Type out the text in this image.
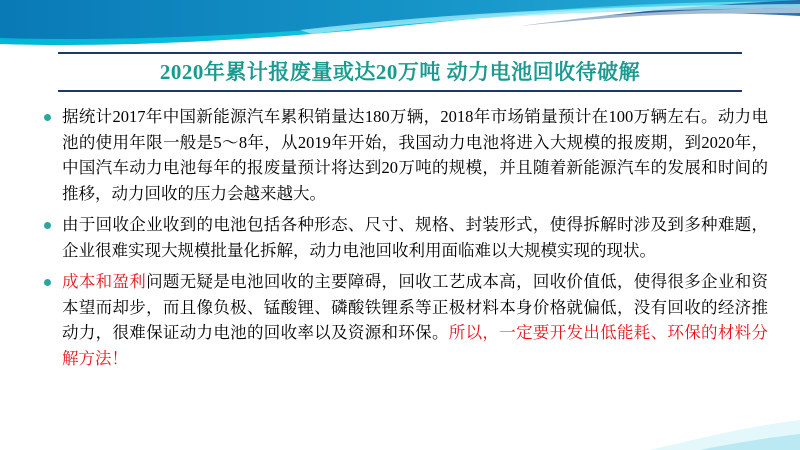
2020年累计报废量或达20万吨 动力电池回收待破解
据统计2017年中国新能源汽车累积销量达180万辆，2018年市场销量预计在100万辆左右。动力电池的使用年限一般是5～8年，从2019年开始，我国动力电池将进入大规模的报废期，到2020年，中国汽车动力电池每年的报废量预计将达到20万吨的规模，并且随着新能源汽车的发展和时间的推移，动力回收的压力会越来越大。
由于回收企业收到的电池包括各种形态、尺寸、规格、封装形式，使得拆解时涉及到多种难题，企业很难实现大规模批量化拆解，动力电池回收利用面临难以大规模实现的现状。
成本和盈利问题无疑是电池回收的主要障碍，回收工艺成本高，回收价值低，使得很多企业和资本望而却步，而且像负极、锰酸锂、磷酸铁锂系等正极材料本身价格就偏低，没有回收的经济推动力，很难保证动力电池的回收率以及资源和环保。所以，一定要开发出低能耗、环保的材料分解方法！
